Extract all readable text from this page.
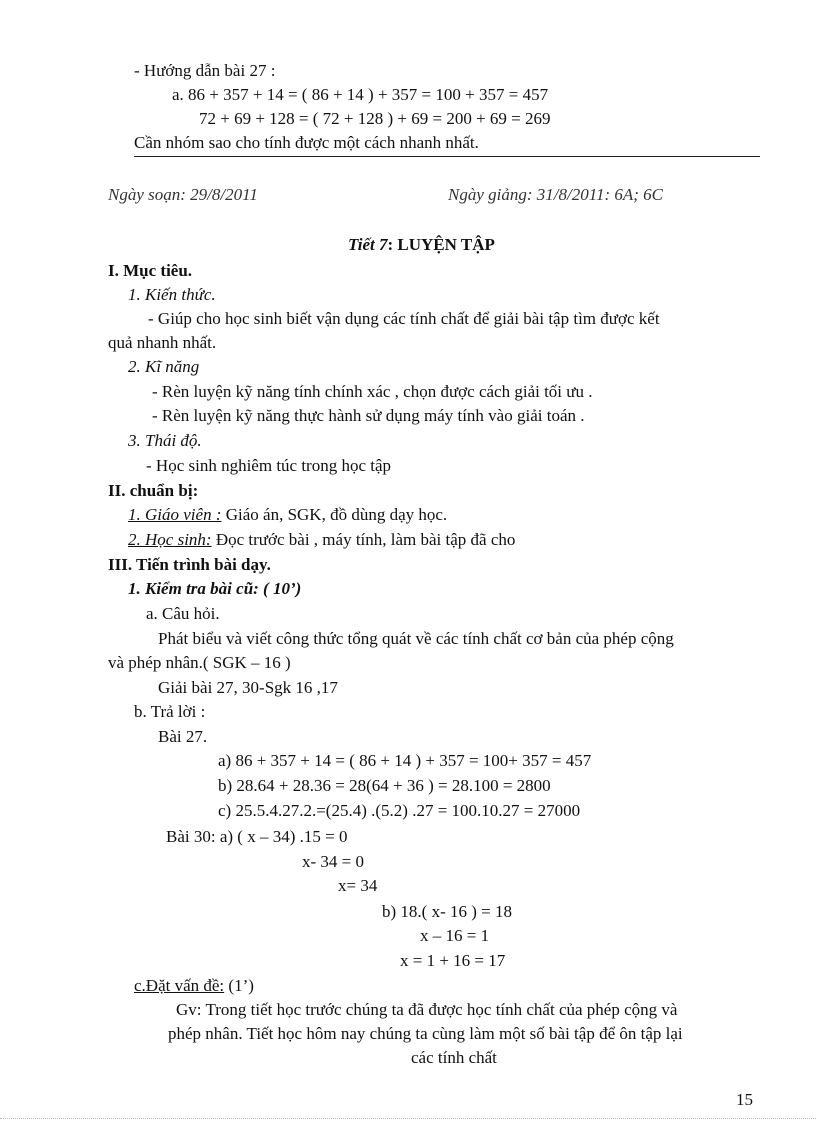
- Hướng dẫn bài 27 :
a. 86 + 357 + 14 = ( 86 + 14 ) + 357 = 100 + 357 = 457
72 + 69 + 128 = ( 72 + 128 ) + 69 = 200 + 69 = 269
Cần nhóm sao cho tính được một cách nhanh nhất.
Ngày soạn: 29/8/2011	Ngày giảng: 31/8/2011: 6A; 6C
Tiết 7: LUYỆN TẬP
I. Mục tiêu.
1. Kiến thức.
- Giúp cho học sinh biết vận dụng các tính chất để giải bài tập tìm được kết
quả nhanh nhất.
2. Kĩ năng
- Rèn luyện kỹ năng tính chính xác , chọn được cách giải tối ưu .
- Rèn luyện kỹ năng thực hành sử dụng máy tính vào giải toán .
3. Thái độ.
- Học sinh nghiêm túc trong học tập
II. chuẩn bị:
1. Giáo viên : Giáo án, SGK, đồ dùng dạy học.
2. Học sinh: Đọc trước bài , máy tính, làm bài tập đã cho
III. Tiến trình bài dạy.
1. Kiểm tra bài cũ: ( 10’)
a. Câu hỏi.
Phát biểu và viết công thức tổng quát về các tính chất cơ bản của phép cộng
và phép nhân.( SGK – 16 )
Giải bài 27, 30-Sgk 16 ,17
b. Trả lời :
Bài 27.
a) 86 + 357 + 14 = ( 86 + 14 ) + 357 = 100+ 357 = 457
b) 28.64 + 28.36 = 28(64 + 36 ) = 28.100 = 2800
c) 25.5.4.27.2.=(25.4) .(5.2) .27 = 100.10.27 = 27000
Bài 30: a) ( x – 34) .15 = 0
x- 34 = 0
x= 34
b) 18.( x- 16 ) = 18
x – 16 = 1
x = 1 + 16 = 17
c.Đặt vấn đề: (1’)
Gv: Trong tiết học trước chúng ta đã được học tính chất của phép cộng và
phép nhân. Tiết học hôm nay chúng ta cùng làm một số bài tập để ôn tập lại
các tính chất
15
